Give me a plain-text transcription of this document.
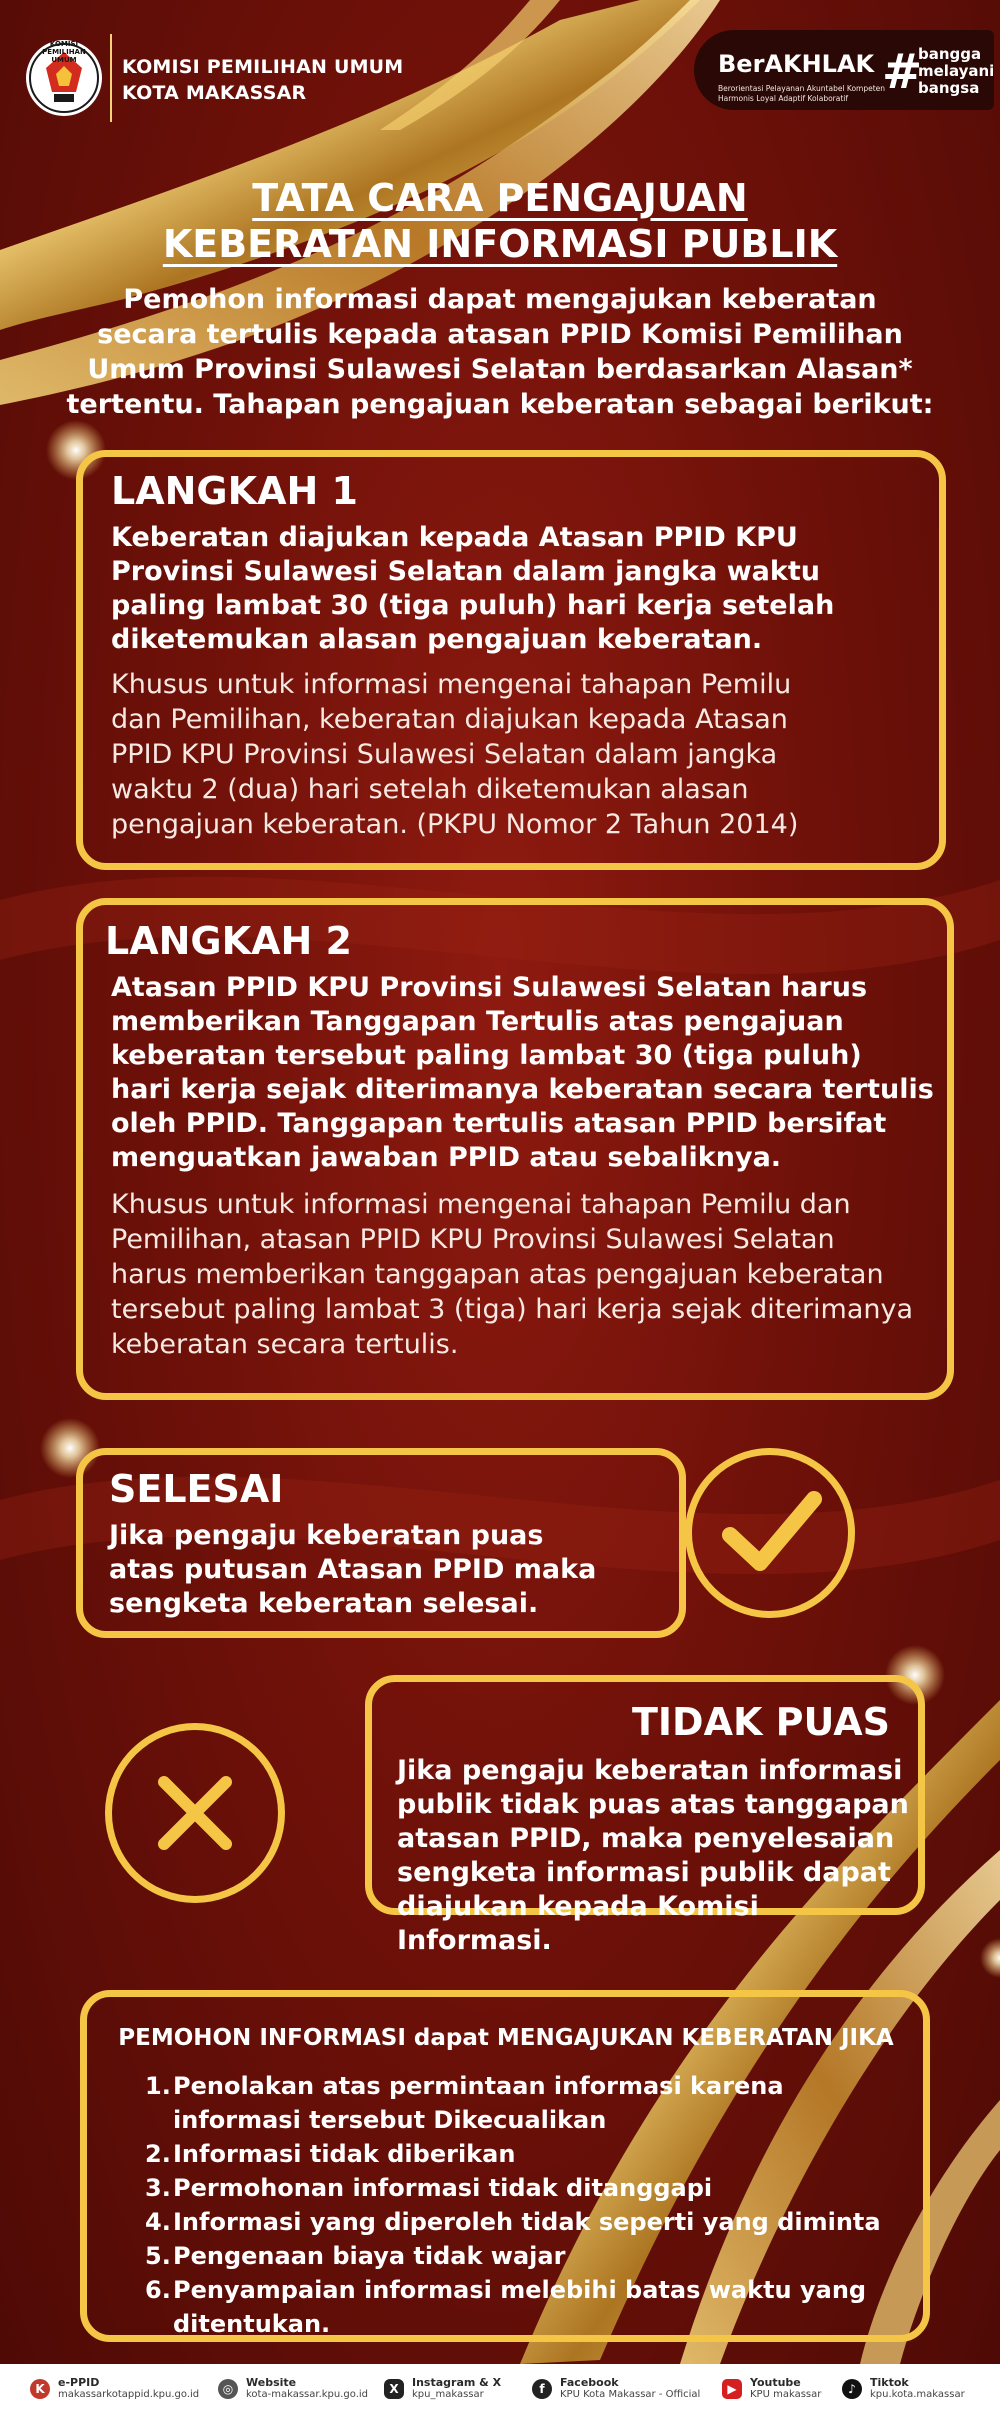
KOMISI PEMILIHAN UMUM	KOMISI PEMILIHAN UMUM
KOTA MAKASSAR
BerAKHLAK
Berorientasi Pelayanan Akuntabel Kompeten Harmonis Loyal Adaptif Kolaboratif #
bangga
melayani
bangsa
TATA CARA PENGAJUAN
KEBERATAN INFORMASI PUBLIK
Pemohon informasi dapat mengajukan keberatan
secara tertulis kepada atasan PPID Komisi Pemilihan
Umum Provinsi Sulawesi Selatan berdasarkan Alasan*
tertentu. Tahapan pengajuan keberatan sebagai berikut:
LANGKAH 1
Keberatan diajukan kepada Atasan PPID KPU
Provinsi Sulawesi Selatan dalam jangka waktu
paling lambat 30 (tiga puluh) hari kerja setelah
diketemukan alasan pengajuan keberatan.
Khusus untuk informasi mengenai tahapan Pemilu
dan Pemilihan, keberatan diajukan kepada Atasan
PPID KPU Provinsi Sulawesi Selatan dalam jangka
waktu 2 (dua) hari setelah diketemukan alasan
pengajuan keberatan. (PKPU Nomor 2 Tahun 2014)
LANGKAH 2
Atasan PPID KPU Provinsi Sulawesi Selatan harus
memberikan Tanggapan Tertulis atas pengajuan
keberatan tersebut paling lambat 30 (tiga puluh)
hari kerja sejak diterimanya keberatan secara tertulis
oleh PPID. Tanggapan tertulis atasan PPID bersifat
menguatkan jawaban PPID atau sebaliknya.
Khusus untuk informasi mengenai tahapan Pemilu dan
Pemilihan, atasan PPID KPU Provinsi Sulawesi Selatan
harus memberikan tanggapan atas pengajuan keberatan
tersebut paling lambat 3 (tiga) hari kerja sejak diterimanya
keberatan secara tertulis.
SELESAI
Jika pengaju keberatan puas
atas putusan Atasan PPID maka
sengketa keberatan selesai.
TIDAK PUAS
Jika pengaju keberatan informasi
publik tidak puas atas tanggapan
atasan PPID, maka penyelesaian
sengketa informasi publik dapat
diajukan kepada Komisi Informasi.
PEMOHON INFORMASI dapat MENGAJUKAN KEBERATAN JIKA
1. Penolakan atas permintaan informasi karena
informasi tersebut Dikecualikan
2. Informasi tidak diberikan
3. Permohonan informasi tidak ditanggapi
4. Informasi yang diperoleh tidak seperti yang diminta
5. Pengenaan biaya tidak wajar
6. Penyampaian informasi melebihi batas waktu yang
ditentukan.
K	e-PPID
makassarkotappid.kpu.go.id	◎	Website
kota-makassar.kpu.go.id	X	Instagram & X
kpu_makassar	f	Facebook
KPU Kota Makassar - Official	▶	Youtube
KPU makassar	♪	Tiktok
kpu.kota.makassar
